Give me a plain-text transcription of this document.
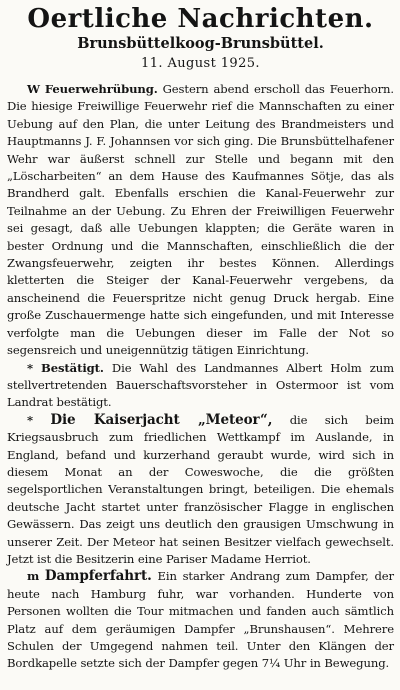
Oertliche Nachrichten.
Brunsbüttelkoog-Brunsbüttel.
11. August 1925.

W Feuerwehrübung. Gestern abend erscholl das Feuerhorn. Die hiesige Freiwillige Feuerwehr rief die Mannschaften zu einer Uebung auf den Plan, die unter Leitung des Brandmeisters und Hauptmanns J. F. Johannsen vor sich ging. Die Brunsbüttelhafener Wehr war äußerst schnell zur Stelle und begann mit den „Löscharbeiten“ an dem Hause des Kaufmannes Sötje, das als Brandherd galt. Ebenfalls erschien die Kanal-Feuerwehr zur Teilnahme an der Uebung. Zu Ehren der Freiwilligen Feuerwehr sei gesagt, daß alle Uebungen klappten; die Geräte waren in bester Ordnung und die Mannschaften, einschließlich die der Zwangsfeuerwehr, zeigten ihr bestes Können. Allerdings kletterten die Steiger der Kanal-Feuerwehr vergebens, da anscheinend die Feuerspritze nicht genug Druck hergab. Eine große Zuschauermenge hatte sich eingefunden, und mit Interesse verfolgte man die Uebungen dieser im Falle der Not so segensreich und uneigennützig tätigen Einrichtung.

* Bestätigt. Die Wahl des Landmannes Albert Holm zum stellvertretenden Bauerschaftsvorsteher in Ostermoor ist vom Landrat bestätigt.

* Die Kaiserjacht „Meteor“, die sich beim Kriegsausbruch zum friedlichen Wettkampf im Auslande, in England, befand und kurzerhand geraubt wurde, wird sich in diesem Monat an der Coweswoche, die die größten segelsportlichen Veranstaltungen bringt, beteiligen. Die ehemals deutsche Jacht startet unter französischer Flagge in englischen Gewässern. Das zeigt uns deutlich den grausigen Umschwung in unserer Zeit. Der Meteor hat seinen Besitzer vielfach gewechselt. Jetzt ist die Besitzerin eine Pariser Madame Herriot.

m Dampferfahrt. Ein starker Andrang zum Dampfer, der heute nach Hamburg fuhr, war vorhanden. Hunderte von Personen wollten die Tour mitmachen und fanden auch sämtlich Platz auf dem geräumigen Dampfer „Brunshausen“. Mehrere Schulen der Umgegend nahmen teil. Unter den Klängen der Bordkapelle setzte sich der Dampfer gegen 7¼ Uhr in Bewegung.
